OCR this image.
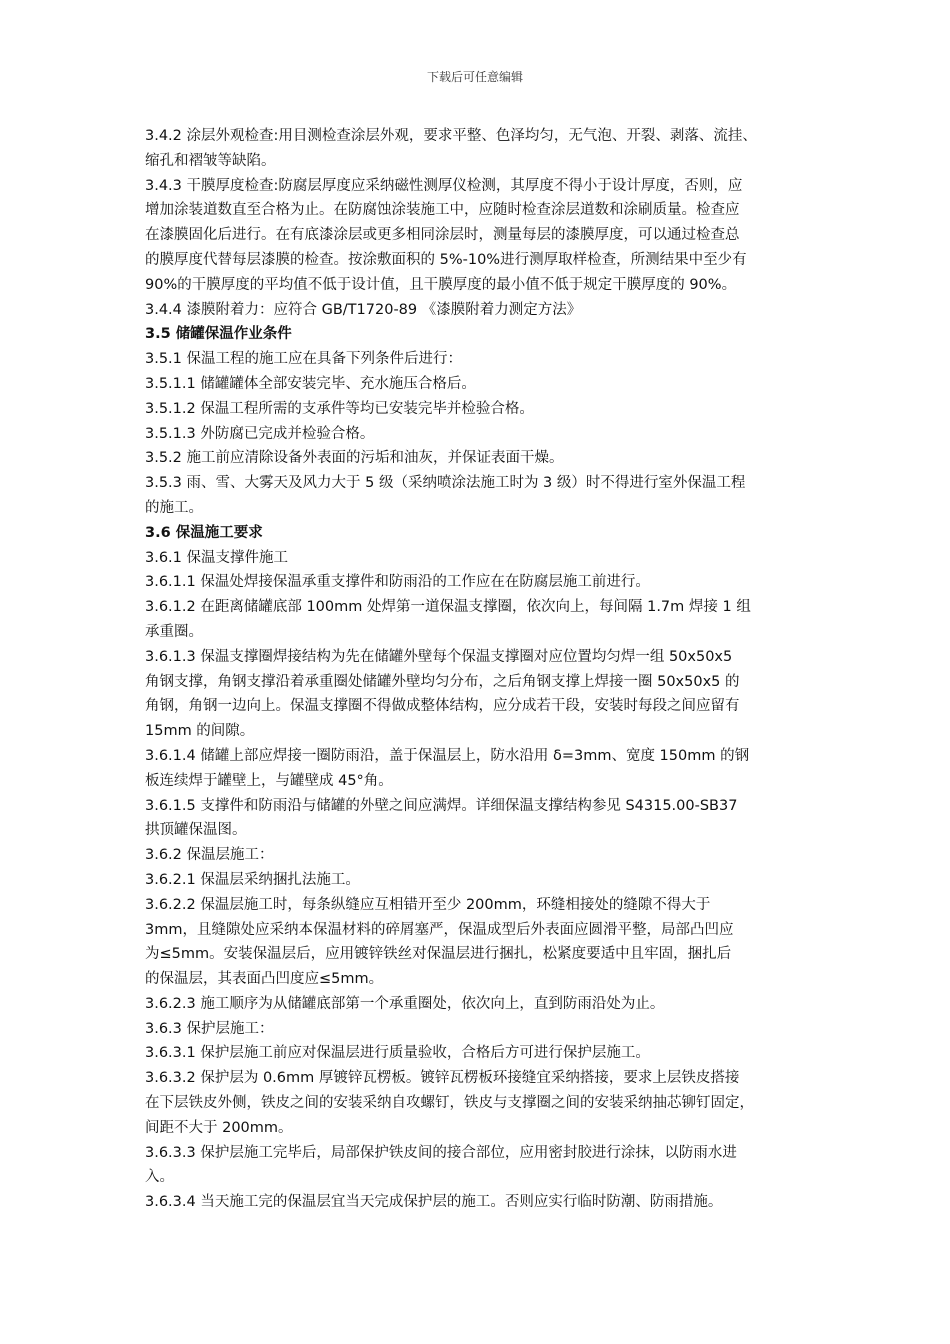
下载后可任意编辑
3.4.2 涂层外观检查:用目测检查涂层外观，要求平整、色泽均匀，无气泡、开裂、剥落、流挂、
缩孔和褶皱等缺陷。
3.4.3 干膜厚度检查:防腐层厚度应采纳磁性测厚仪检测，其厚度不得小于设计厚度，否则，应
增加涂装道数直至合格为止。在防腐蚀涂装施工中，应随时检查涂层道数和涂刷质量。检查应
在漆膜固化后进行。在有底漆涂层或更多相同涂层时，测量每层的漆膜厚度，可以通过检查总
的膜厚度代替每层漆膜的检查。按涂敷面积的 5%-10%进行测厚取样检查，所测结果中至少有
90%的干膜厚度的平均值不低于设计值，且干膜厚度的最小值不低于规定干膜厚度的 90%。
3.4.4 漆膜附着力：应符合 GB/T1720-89 《漆膜附着力测定方法》
3.5 储罐保温作业条件
3.5.1 保温工程的施工应在具备下列条件后进行：
3.5.1.1 储罐罐体全部安装完毕、充水施压合格后。
3.5.1.2 保温工程所需的支承件等均已安装完毕并检验合格。
3.5.1.3 外防腐已完成并检验合格。
3.5.2 施工前应清除设备外表面的污垢和油灰，并保证表面干燥。
3.5.3 雨、雪、大雾天及风力大于 5 级（采纳喷涂法施工时为 3 级）时不得进行室外保温工程
的施工。
3.6 保温施工要求
3.6.1 保温支撑件施工
3.6.1.1 保温处焊接保温承重支撑件和防雨沿的工作应在在防腐层施工前进行。
3.6.1.2 在距离储罐底部 100mm 处焊第一道保温支撑圈，依次向上，每间隔 1.7m 焊接 1 组
承重圈。
3.6.1.3 保温支撑圈焊接结构为先在储罐外壁每个保温支撑圈对应位置均匀焊一组 50x50x5
角钢支撑，角钢支撑沿着承重圈处储罐外壁均匀分布，之后角钢支撑上焊接一圈 50x50x5 的
角钢，角钢一边向上。保温支撑圈不得做成整体结构，应分成若干段，安装时每段之间应留有
15mm 的间隙。
3.6.1.4 储罐上部应焊接一圈防雨沿，盖于保温层上，防水沿用 δ=3mm、宽度 150mm 的钢
板连续焊于罐壁上，与罐壁成 45°角。
3.6.1.5 支撑件和防雨沿与储罐的外壁之间应满焊。详细保温支撑结构参见 S4315.00-SB37
拱顶罐保温图。
3.6.2 保温层施工：
3.6.2.1 保温层采纳捆扎法施工。
3.6.2.2 保温层施工时，每条纵缝应互相错开至少 200mm，环缝相接处的缝隙不得大于
3mm，且缝隙处应采纳本保温材料的碎屑塞严，保温成型后外表面应圆滑平整，局部凸凹应
为≤5mm。安装保温层后，应用镀锌铁丝对保温层进行捆扎，松紧度要适中且牢固，捆扎后
的保温层，其表面凸凹度应≤5mm。
3.6.2.3 施工顺序为从储罐底部第一个承重圈处，依次向上，直到防雨沿处为止。
3.6.3 保护层施工：
3.6.3.1 保护层施工前应对保温层进行质量验收，合格后方可进行保护层施工。
3.6.3.2 保护层为 0.6mm 厚镀锌瓦楞板。镀锌瓦楞板环接缝宜采纳搭接，要求上层铁皮搭接
在下层铁皮外侧，铁皮之间的安装采纳自攻螺钉，铁皮与支撑圈之间的安装采纳抽芯铆钉固定，
间距不大于 200mm。
3.6.3.3 保护层施工完毕后，局部保护铁皮间的接合部位，应用密封胶进行涂抹，以防雨水进
入。
3.6.3.4 当天施工完的保温层宜当天完成保护层的施工。否则应实行临时防潮、防雨措施。
